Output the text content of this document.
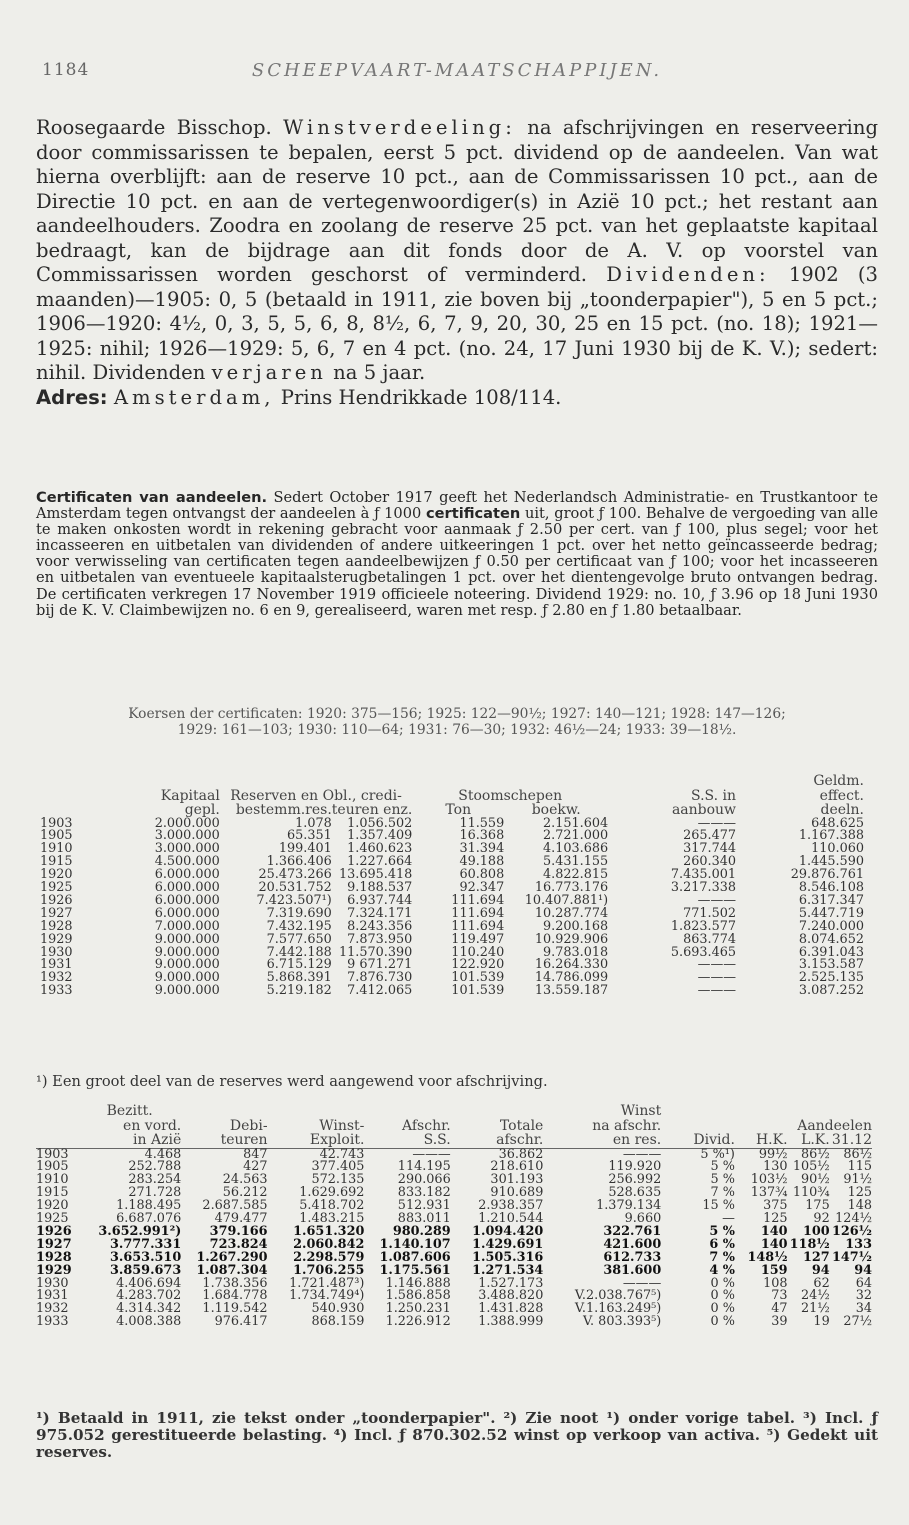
1184	SCHEEPVAART-MAATSCHAPPIJEN.
Roosegaarde Bisschop. Winstverdeeling: na afschrijvingen en reserveering door commissarissen te bepalen, eerst 5 pct. dividend op de aandeelen. Van wat hierna overblijft: aan de reserve 10 pct., aan de Commissarissen 10 pct., aan de Directie 10 pct. en aan de vertegenwoordiger(s) in Azië 10 pct.; het restant aan aandeelhouders. Zoodra en zoolang de reserve 25 pct. van het geplaatste kapitaal bedraagt, kan de bijdrage aan dit fonds door de A. V. op voorstel van Commissarissen worden geschorst of verminderd. Dividenden: 1902 (3 maanden)—1905: 0, 5 (betaald in 1911, zie boven bij „toonderpapier"), 5 en 5 pct.; 1906—1920: 4½, 0, 3, 5, 5, 6, 8, 8½, 6, 7, 9, 20, 30, 25 en 15 pct. (no. 18); 1921—1925: nihil; 1926—1929: 5, 6, 7 en 4 pct. (no. 24, 17 Juni 1930 bij de K. V.); sedert: nihil. Dividenden verjaren na 5 jaar.
Adres: Amsterdam, Prins Hendrikkade 108/114.
Certificaten van aandeelen. Sedert October 1917 geeft het Nederlandsch Administratie- en Trustkantoor te Amsterdam tegen ontvangst der aandeelen à ƒ 1000 certificaten uit, groot ƒ 100. Behalve de vergoeding van alle te maken onkosten wordt in rekening gebracht voor aanmaak ƒ 2.50 per cert. van ƒ 100, plus segel; voor het incasseeren en uitbetalen van dividenden of andere uitkeeringen 1 pct. over het netto geïncasseerde bedrag; voor verwisseling van certificaten tegen aandeelbewijzen ƒ 0.50 per certificaat van ƒ 100; voor het incasseeren en uitbetalen van eventueele kapitaalsterugbetalingen 1 pct. over het dientengevolge bruto ontvangen bedrag. De certificaten verkregen 17 November 1919 officieele noteering. Dividend 1929: no. 10, ƒ 3.96 op 18 Juni 1930 bij de K. V. Claimbewijzen no. 6 en 9, gerealiseerd, waren met resp. ƒ 2.80 en ƒ 1.80 betaalbaar.
Koersen der certificaten: 1920: 375—156; 1925: 122—90½; 1927: 140—121; 1928: 147—126;
1929: 161—103; 1930: 110—64; 1931: 76—30; 1932: 46½—24; 1933: 39—18½.
							Geldm.
	Kapitaal	Reserven en Obl., credi-		Stoomschepen		S.S. in	effect.
	gepl.	bestemm.res.	teuren enz.	Ton	boekw.	aanbouw	deeln.
1903	2.000.000	1.078	1.056.502	11.559	2.151.604	———	648.625
1905	3.000.000	65.351	1.357.409	16.368	2.721.000	265.477	1.167.388
1910	3.000.000	199.401	1.460.623	31.394	4.103.686	317.744	110.060
1915	4.500.000	1.366.406	1.227.664	49.188	5.431.155	260.340	1.445.590
1920	6.000.000	25.473.266	13.695.418	60.808	4.822.815	7.435.001	29.876.761
1925	6.000.000	20.531.752	9.188.537	92.347	16.773.176	3.217.338	8.546.108
1926	6.000.000	7.423.507¹)	6.937.744	111.694	10.407.881¹)	———	6.317.347
1927	6.000.000	7.319.690	7.324.171	111.694	10.287.774	771.502	5.447.719
1928	7.000.000	7.432.195	8.243.356	111.694	9.200.168	1.823.577	7.240.000
1929	9.000.000	7.577.650	7.873.950	119.497	10.929.906	863.774	8.074.652
1930	9.000.000	7.442.188	11.570.390	110.240	9.783.018	5.693.465	6.391.043
1931	9.000.000	6.715.129	9 671.271	122.920	16.264.330	———	3.153.587
1932	9.000.000	5.868.391	7.876.730	101.539	14.786.099	———	2.525.135
1933	9.000.000	5.219.182	7.412.065	101.539	13.559.187	———	3.087.252
¹) Een groot deel van de reserves werd aangewend voor afschrijving.
	Bezitt.					Winst				
	en vord.	Debi-	Winst-	Afschr.	Totale	na afschr.		Aandeelen		
	in Azië	teuren	Exploit.	S.S.	afschr.	en res.	Divid.	H.K.	L.K.	31.12
1903	4.468	847	42.743	———	36.862	———	5 %¹)	99½	86½	86½
1905	252.788	427	377.405	114.195	218.610	119.920	5 %	130	105½	115
1910	283.254	24.563	572.135	290.066	301.193	256.992	5 %	103½	90½	91½
1915	271.728	56.212	1.629.692	833.182	910.689	528.635	7 %	137¾	110¾	125
1920	1.188.495	2.687.585	5.418.702	512.931	2.938.357	1.379.134	15 %	375	175	148
1925	6.687.076	479.477	1.483.215	883.011	1.210.544	9.660	—	125	92	124½
1926	3.652.991²)	379.166	1.651.320	980.289	1.094.420	322.761	5 %	140	100	126½
1927	3.777.331	723.824	2.060.842	1.140.107	1.429.691	421.600	6 %	140	118½	133
1928	3.653.510	1.267.290	2.298.579	1.087.606	1.505.316	612.733	7 %	148½	127	147½
1929	3.859.673	1.087.304	1.706.255	1.175.561	1.271.534	381.600	4 %	159	94	94
1930	4.406.694	1.738.356	1.721.487³)	1.146.888	1.527.173	———	0 %	108	62	64
1931	4.283.702	1.684.778	1.734.749⁴)	1.586.858	3.488.820	V.2.038.767⁵)	0 %	73	24½	32
1932	4.314.342	1.119.542	540.930	1.250.231	1.431.828	V.1.163.249⁵)	0 %	47	21½	34
1933	4.008.388	976.417	868.159	1.226.912	1.388.999	V. 803.393⁵)	0 %	39	19	27½
¹) Betaald in 1911, zie tekst onder „toonderpapier". ²) Zie noot ¹) onder vorige tabel. ³) Incl. ƒ 975.052 gerestitueerde belasting. ⁴) Incl. ƒ 870.302.52 winst op verkoop van activa. ⁵) Gedekt uit reserves.
